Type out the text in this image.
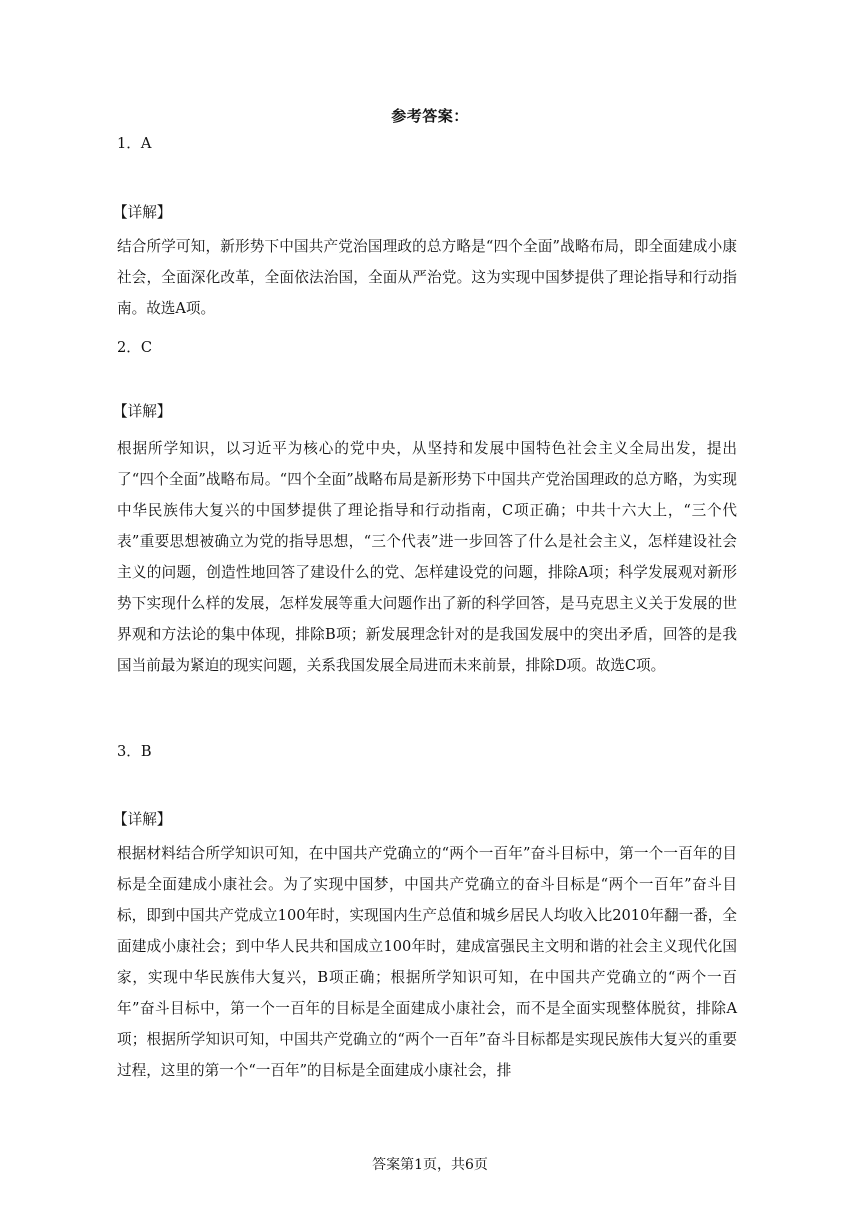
参考答案：
1．A
【详解】

结合所学可知，新形势下中国共产党治国理政的总方略是“四个全面”战略布局，即全面建成小康社会，全面深化改革，全面依法治国，全面从严治党。这为实现中国梦提供了理论指导和行动指南。故选A项。

2．C
【详解】

根据所学知识，以习近平为核心的党中央，从坚持和发展中国特色社会主义全局出发，提出了“四个全面”战略布局。“四个全面”战略布局是新形势下中国共产党治国理政的总方略，为实现中华民族伟大复兴的中国梦提供了理论指导和行动指南，C项正确；中共十六大上，“三个代表”重要思想被确立为党的指导思想，“三个代表”进一步回答了什么是社会主义，怎样建设社会主义的问题，创造性地回答了建设什么的党、怎样建设党的问题，排除A项；科学发展观对新形势下实现什么样的发展，怎样发展等重大问题作出了新的科学回答，是马克思主义关于发展的世界观和方法论的集中体现，排除B项；新发展理念针对的是我国发展中的突出矛盾，回答的是我国当前最为紧迫的现实问题，关系我国发展全局进而未来前景，排除D项。故选C项。

3．B
【详解】

根据材料结合所学知识可知，在中国共产党确立的“两个一百年”奋斗目标中，第一个一百年的目标是全面建成小康社会。为了实现中国梦，中国共产党确立的奋斗目标是“两个一百年”奋斗目标，即到中国共产党成立100年时，实现国内生产总值和城乡居民人均收入比2010年翻一番，全面建成小康社会；到中华人民共和国成立100年时，建成富强民主文明和谐的社会主义现代化国家，实现中华民族伟大复兴，B项正确；根据所学知识可知，在中国共产党确立的“两个一百年”奋斗目标中，第一个一百年的目标是全面建成小康社会，而不是全面实现整体脱贫，排除A项；根据所学知识可知，中国共产党确立的“两个一百年”奋斗目标都是实现民族伟大复兴的重要过程，这里的第一个“一百年”的目标是全面建成小康社会，排

答案第1页，共6页
